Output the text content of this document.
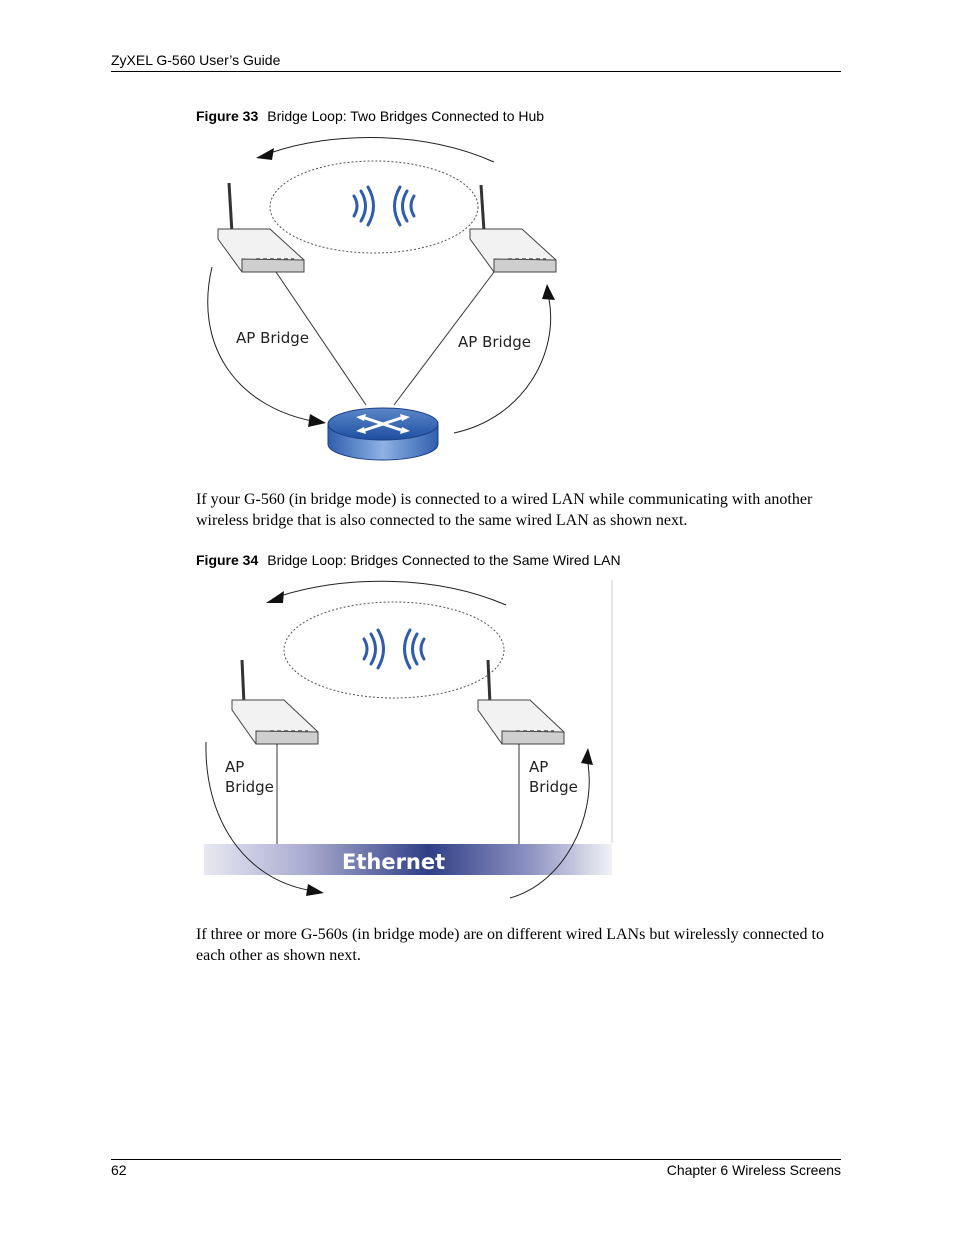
ZyXEL G-560 User’s Guide
Figure 33 Bridge Loop: Two Bridges Connected to Hub
AP Bridge	AP Bridge
If your G-560 (in bridge mode) is connected to a wired LAN while communicating with another wireless bridge that is also connected to the same wired LAN as shown next.
Figure 34 Bridge Loop: Bridges Connected to the Same Wired LAN
Ethernet
AP
Bridge
AP
Bridge
If three or more G-560s (in bridge mode) are on different wired LANs but wirelessly connected to each other as shown next.
62	Chapter 6 Wireless Screens
